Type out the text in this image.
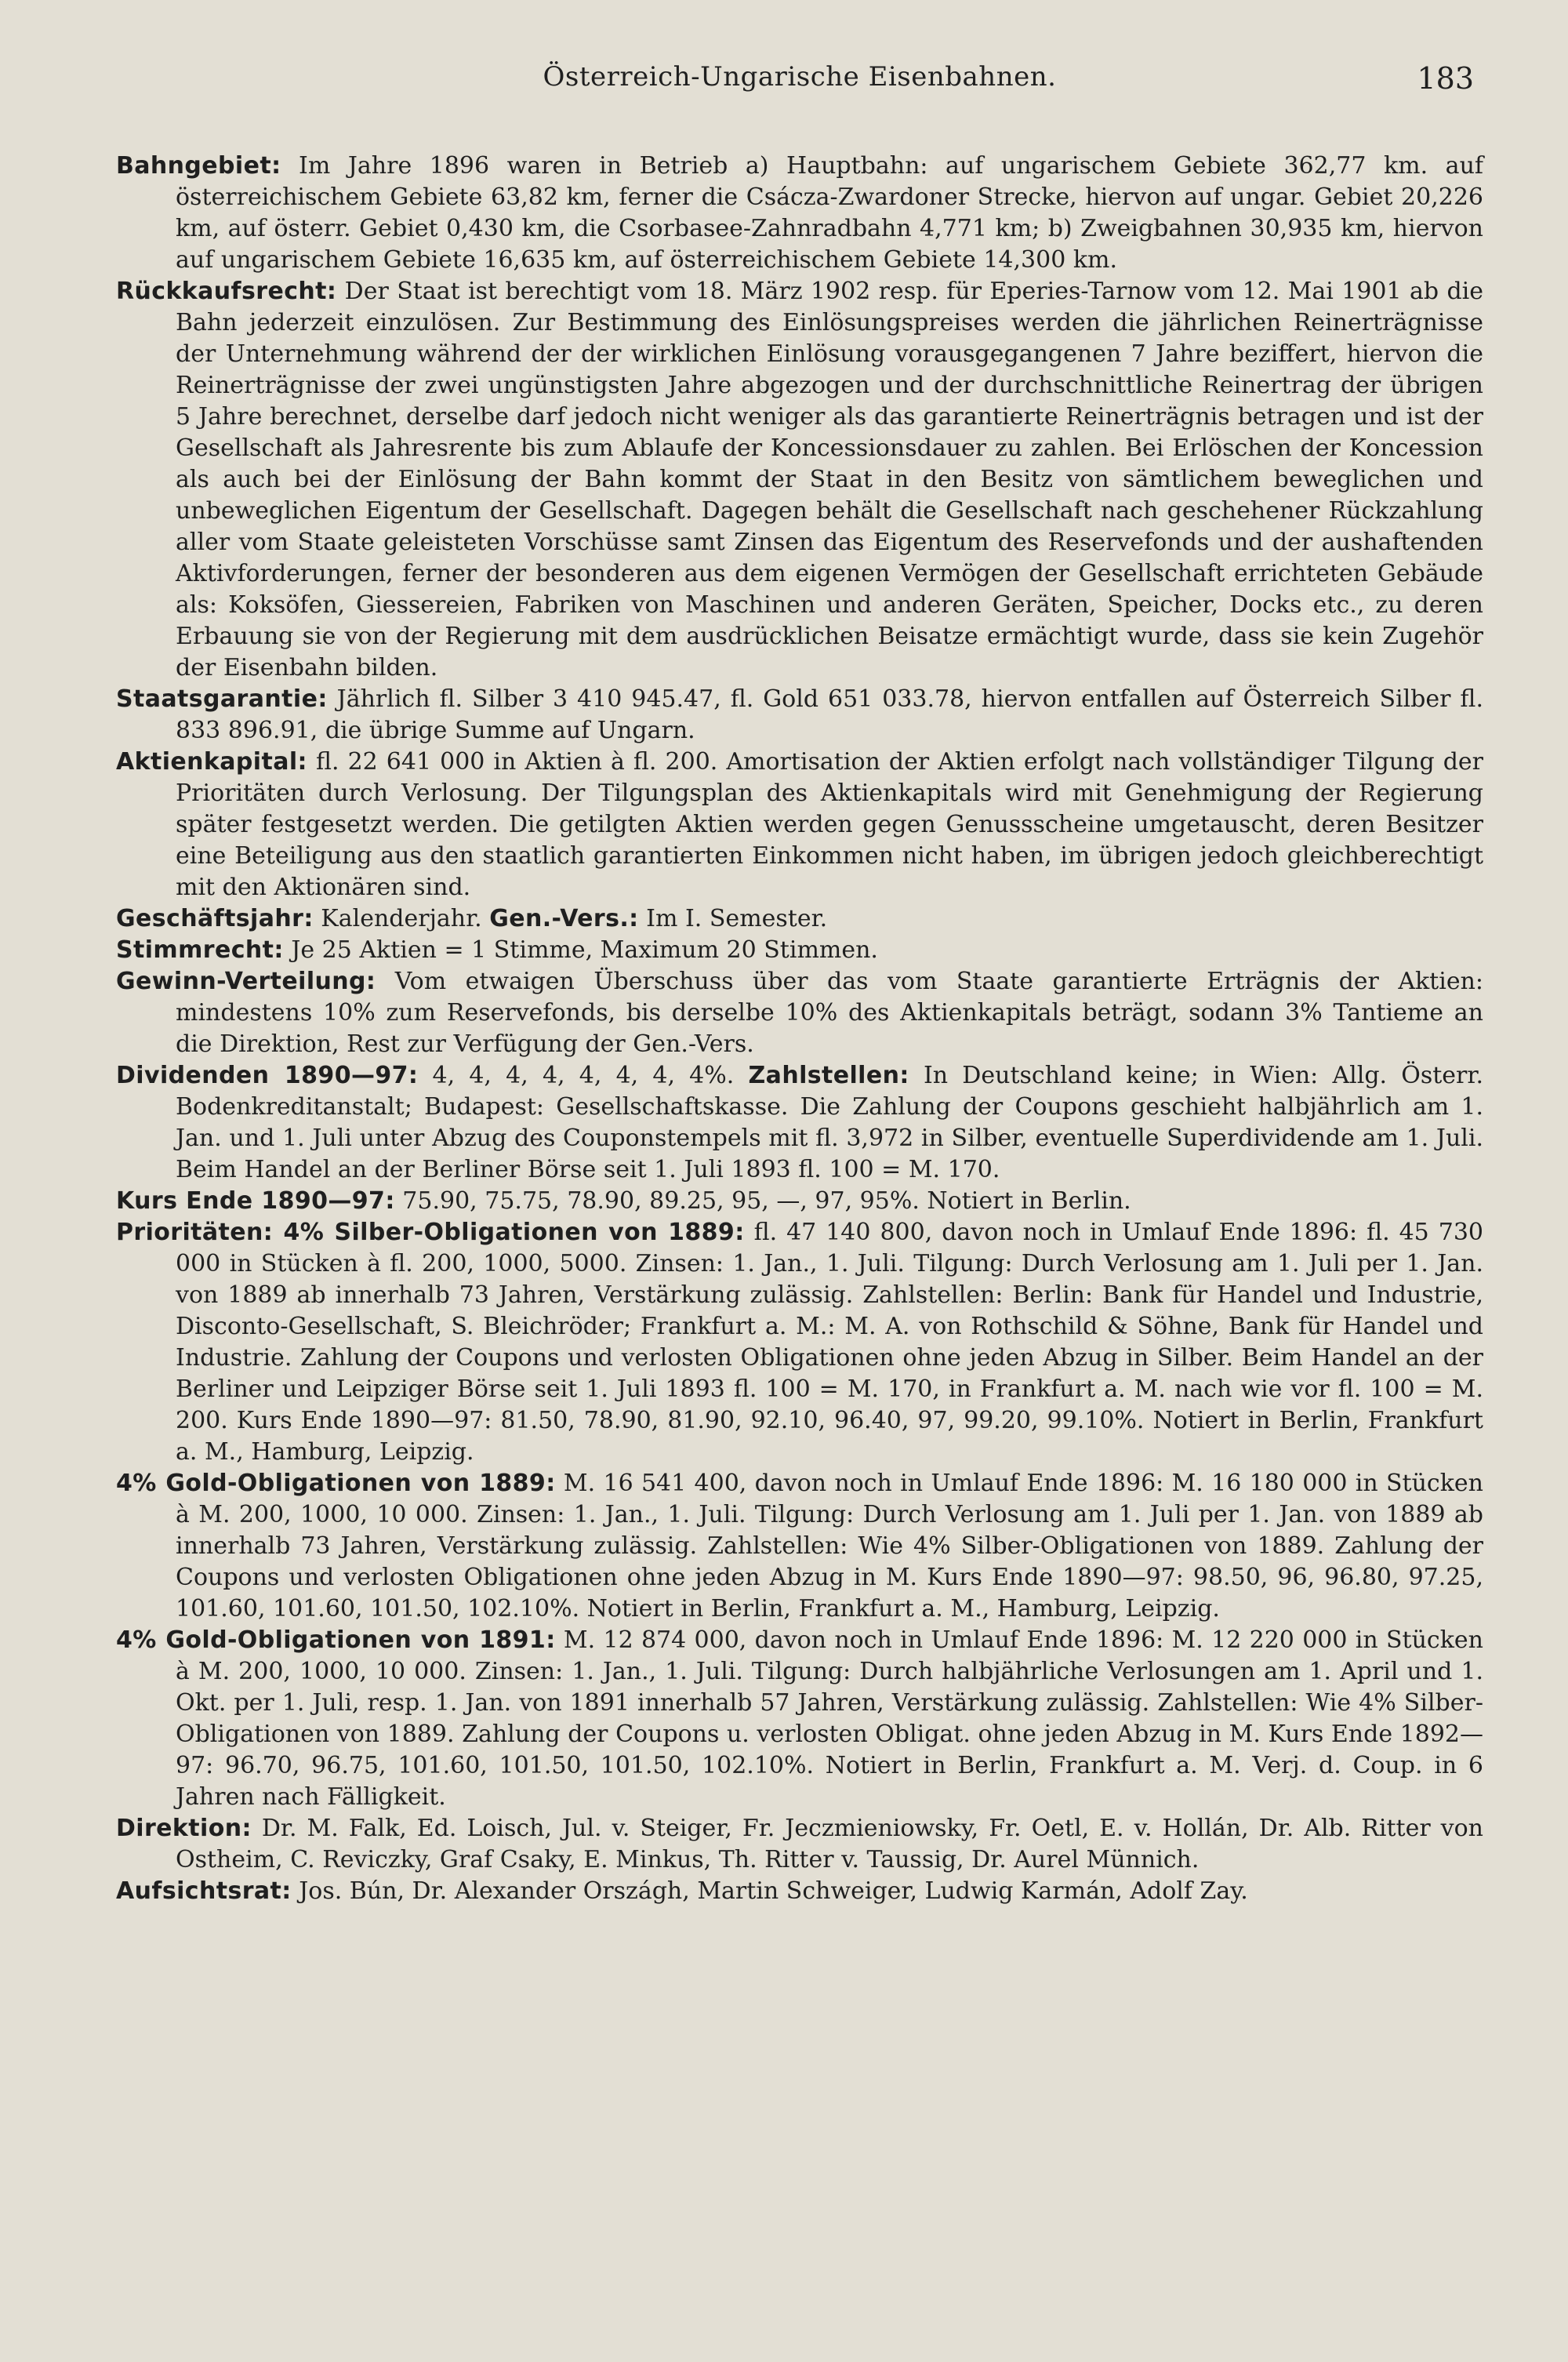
Österreich-Ungarische Eisenbahnen.	183

Bahngebiet: Im Jahre 1896 waren in Betrieb a) Hauptbahn: auf ungarischem Gebiete 362,77 km. auf österreichischem Gebiete 63,82 km, ferner die Csácza-Zwardoner Strecke, hiervon auf ungar. Gebiet 20,226 km, auf österr. Gebiet 0,430 km, die Csorbasee-Zahnradbahn 4,771 km; b) Zweigbahnen 30,935 km, hiervon auf ungarischem Gebiete 16,635 km, auf österreichischem Gebiete 14,300 km.

Rückkaufsrecht: Der Staat ist berechtigt vom 18. März 1902 resp. für Eperies-Tarnow vom 12. Mai 1901 ab die Bahn jederzeit einzulösen. Zur Bestimmung des Einlösungspreises werden die jährlichen Reinerträgnisse der Unternehmung während der der wirklichen Einlösung vorausgegangenen 7 Jahre beziffert, hiervon die Reinerträgnisse der zwei ungünstigsten Jahre abgezogen und der durchschnittliche Reinertrag der übrigen 5 Jahre berechnet, derselbe darf jedoch nicht weniger als das garantierte Reinerträgnis betragen und ist der Gesellschaft als Jahresrente bis zum Ablaufe der Koncessionsdauer zu zahlen. Bei Erlöschen der Koncession als auch bei der Einlösung der Bahn kommt der Staat in den Besitz von sämtlichem beweglichen und unbeweglichen Eigentum der Gesellschaft. Dagegen behält die Gesellschaft nach geschehener Rückzahlung aller vom Staate geleisteten Vorschüsse samt Zinsen das Eigentum des Reservefonds und der aushaftenden Aktivforderungen, ferner der besonderen aus dem eigenen Vermögen der Gesellschaft errichteten Gebäude als: Koksöfen, Giessereien, Fabriken von Maschinen und anderen Geräten, Speicher, Docks etc., zu deren Erbauung sie von der Regierung mit dem ausdrücklichen Beisatze ermächtigt wurde, dass sie kein Zugehör der Eisenbahn bilden.

Staatsgarantie: Jährlich fl. Silber 3 410 945.47, fl. Gold 651 033.78, hiervon entfallen auf Österreich Silber fl. 833 896.91, die übrige Summe auf Ungarn.

Aktienkapital: fl. 22 641 000 in Aktien à fl. 200. Amortisation der Aktien erfolgt nach vollständiger Tilgung der Prioritäten durch Verlosung. Der Tilgungsplan des Aktienkapitals wird mit Genehmigung der Regierung später festgesetzt werden. Die getilgten Aktien werden gegen Genussscheine umgetauscht, deren Besitzer eine Beteiligung aus den staatlich garantierten Einkommen nicht haben, im übrigen jedoch gleichberechtigt mit den Aktionären sind.

Geschäftsjahr: Kalenderjahr. Gen.-Vers.: Im I. Semester.

Stimmrecht: Je 25 Aktien = 1 Stimme, Maximum 20 Stimmen.

Gewinn-Verteilung: Vom etwaigen Überschuss über das vom Staate garantierte Erträgnis der Aktien: mindestens 10% zum Reservefonds, bis derselbe 10% des Aktienkapitals beträgt, sodann 3% Tantieme an die Direktion, Rest zur Verfügung der Gen.-Vers.

Dividenden 1890—97: 4, 4, 4, 4, 4, 4, 4, 4%. Zahlstellen: In Deutschland keine; in Wien: Allg. Österr. Bodenkreditanstalt; Budapest: Gesellschaftskasse. Die Zahlung der Coupons geschieht halbjährlich am 1. Jan. und 1. Juli unter Abzug des Couponstempels mit fl. 3,972 in Silber, eventuelle Superdividende am 1. Juli. Beim Handel an der Berliner Börse seit 1. Juli 1893 fl. 100 = M. 170.

Kurs Ende 1890—97: 75.90, 75.75, 78.90, 89.25, 95, —, 97, 95%. Notiert in Berlin.

Prioritäten: 4% Silber-Obligationen von 1889: fl. 47 140 800, davon noch in Umlauf Ende 1896: fl. 45 730 000 in Stücken à fl. 200, 1000, 5000. Zinsen: 1. Jan., 1. Juli. Tilgung: Durch Verlosung am 1. Juli per 1. Jan. von 1889 ab innerhalb 73 Jahren, Verstärkung zulässig. Zahlstellen: Berlin: Bank für Handel und Industrie, Disconto-Gesellschaft, S. Bleichröder; Frankfurt a. M.: M. A. von Rothschild & Söhne, Bank für Handel und Industrie. Zahlung der Coupons und verlosten Obligationen ohne jeden Abzug in Silber. Beim Handel an der Berliner und Leipziger Börse seit 1. Juli 1893 fl. 100 = M. 170, in Frankfurt a. M. nach wie vor fl. 100 = M. 200. Kurs Ende 1890—97: 81.50, 78.90, 81.90, 92.10, 96.40, 97, 99.20, 99.10%. Notiert in Berlin, Frankfurt a. M., Hamburg, Leipzig.

4% Gold-Obligationen von 1889: M. 16 541 400, davon noch in Umlauf Ende 1896: M. 16 180 000 in Stücken à M. 200, 1000, 10 000. Zinsen: 1. Jan., 1. Juli. Tilgung: Durch Verlosung am 1. Juli per 1. Jan. von 1889 ab innerhalb 73 Jahren, Verstärkung zulässig. Zahlstellen: Wie 4% Silber-Obligationen von 1889. Zahlung der Coupons und verlosten Obligationen ohne jeden Abzug in M. Kurs Ende 1890—97: 98.50, 96, 96.80, 97.25, 101.60, 101.60, 101.50, 102.10%. Notiert in Berlin, Frankfurt a. M., Hamburg, Leipzig.

4% Gold-Obligationen von 1891: M. 12 874 000, davon noch in Umlauf Ende 1896: M. 12 220 000 in Stücken à M. 200, 1000, 10 000. Zinsen: 1. Jan., 1. Juli. Tilgung: Durch halbjährliche Verlosungen am 1. April und 1. Okt. per 1. Juli, resp. 1. Jan. von 1891 innerhalb 57 Jahren, Verstärkung zulässig. Zahlstellen: Wie 4% Silber-Obligationen von 1889. Zahlung der Coupons u. verlosten Obligat. ohne jeden Abzug in M. Kurs Ende 1892—97: 96.70, 96.75, 101.60, 101.50, 101.50, 102.10%. Notiert in Berlin, Frankfurt a. M. Verj. d. Coup. in 6 Jahren nach Fälligkeit.

Direktion: Dr. M. Falk, Ed. Loisch, Jul. v. Steiger, Fr. Jeczmieniowsky, Fr. Oetl, E. v. Hollán, Dr. Alb. Ritter von Ostheim, C. Reviczky, Graf Csaky, E. Minkus, Th. Ritter v. Taussig, Dr. Aurel Münnich.

Aufsichtsrat: Jos. Bún, Dr. Alexander Országh, Martin Schweiger, Ludwig Karmán, Adolf Zay.
